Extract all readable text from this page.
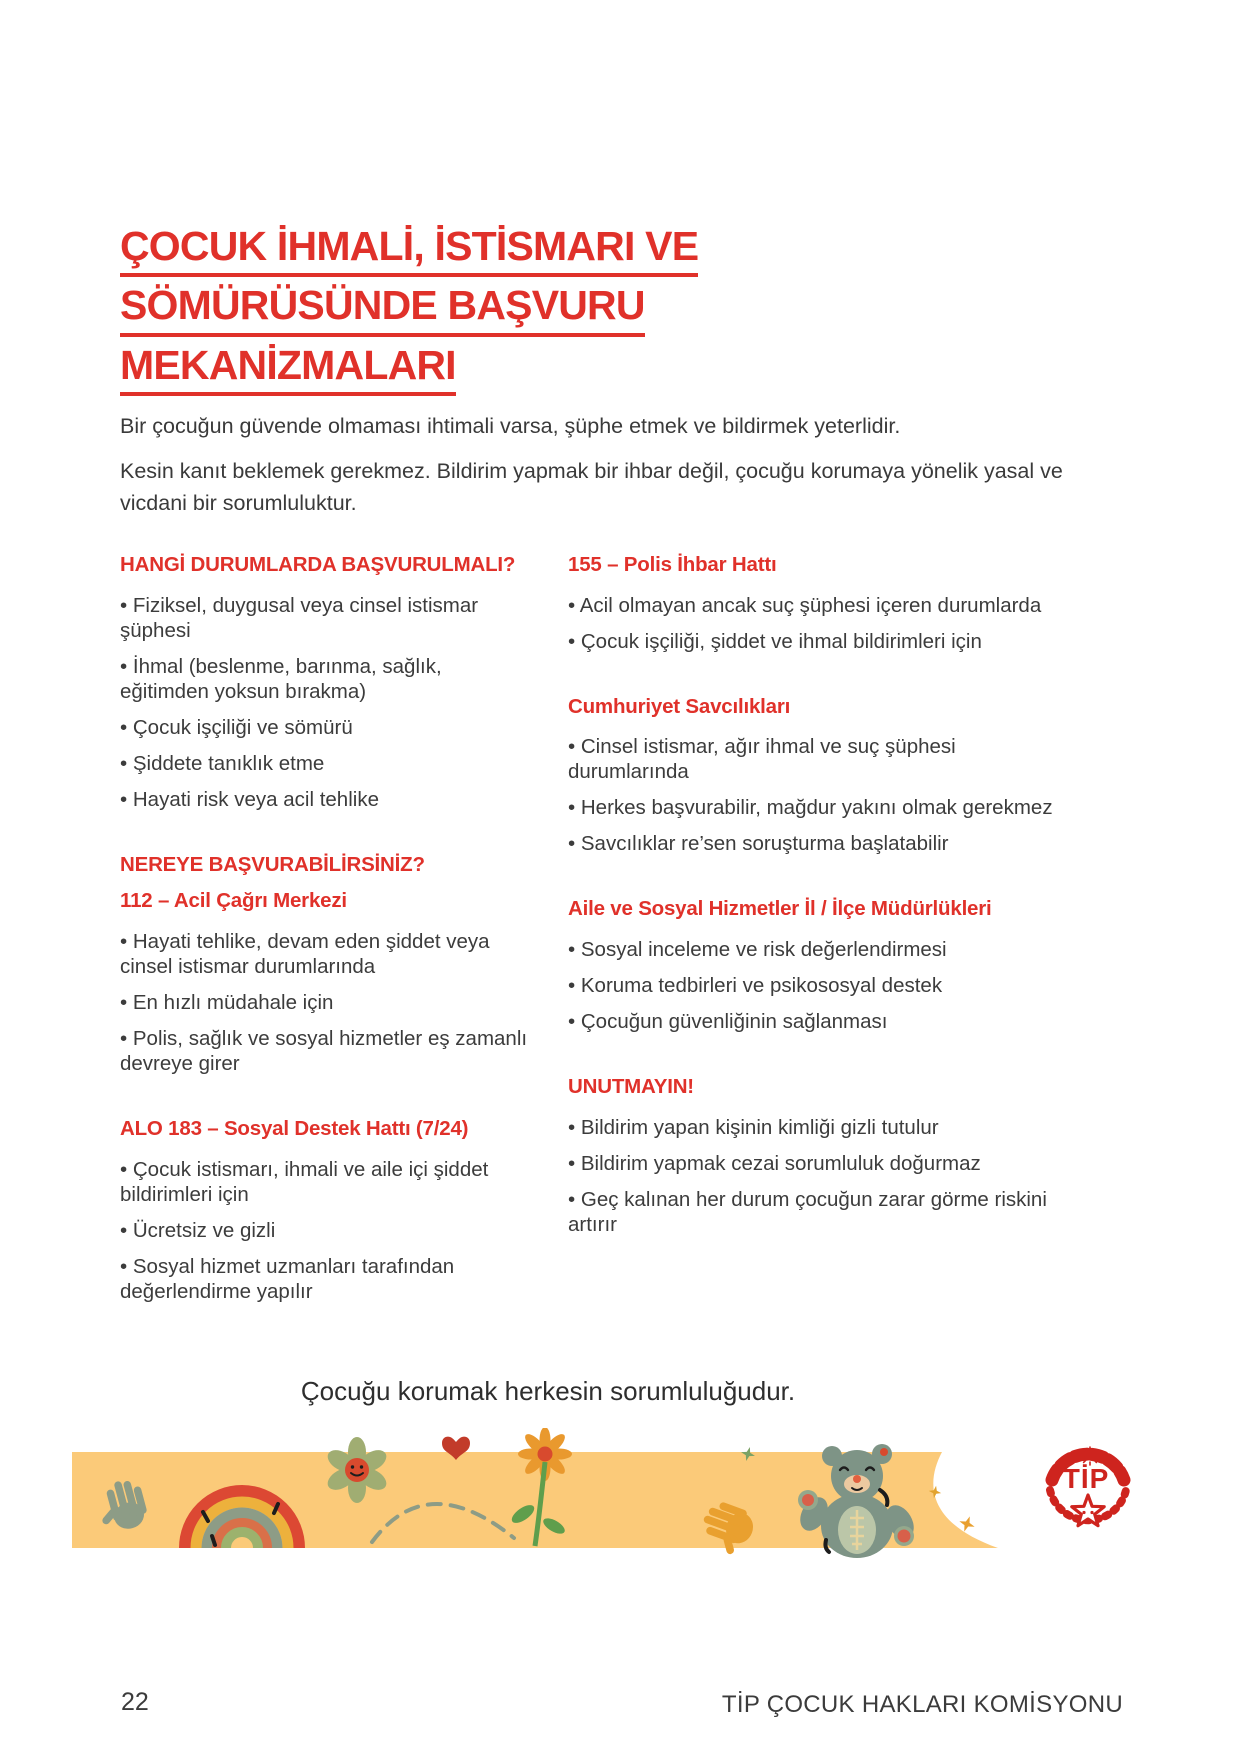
ÇOCUK İHMALİ, İSTİSMARI VE
SÖMÜRÜSÜNDE BAŞVURU
MEKANİZMALARI

Bir çocuğun güvende olmaması ihtimali varsa, şüphe etmek ve bildirmek yeterlidir.

Kesin kanıt beklemek gerekmez. Bildirim yapmak bir ihbar değil, çocuğu korumaya yönelik yasal ve vicdani bir sorumluluktur.

HANGİ DURUMLARDA BAŞVURULMALI?

• Fiziksel, duygusal veya cinsel istismar şüphesi

• İhmal (beslenme, barınma, sağlık, eğitimden yoksun bırakma)

• Çocuk işçiliği ve sömürü

• Şiddete tanıklık etme

• Hayati risk veya acil tehlike

NEREYE BAŞVURABİLİRSİNİZ?

112 – Acil Çağrı Merkezi

• Hayati tehlike, devam eden şiddet veya cinsel istismar durumlarında

• En hızlı müdahale için

• Polis, sağlık ve sosyal hizmetler eş zamanlı devreye girer

ALO 183 – Sosyal Destek Hattı (7/24)

• Çocuk istismarı, ihmali ve aile içi şiddet bildirimleri için

• Ücretsiz ve gizli

• Sosyal hizmet uzmanları tarafından değerlendirme yapılır

155 – Polis İhbar Hattı

• Acil olmayan ancak suç şüphesi içeren durumlarda

• Çocuk işçiliği, şiddet ve ihmal bildirimleri için

Cumhuriyet Savcılıkları

• Cinsel istismar, ağır ihmal ve suç şüphesi durumlarında

• Herkes başvurabilir, mağdur yakını olmak gerekmez

• Savcılıklar re’sen soruşturma başlatabilir

Aile ve Sosyal Hizmetler İl / İlçe Müdürlükleri

• Sosyal inceleme ve risk değerlendirmesi

• Koruma tedbirleri ve psikososyal destek

• Çocuğun güvenliğinin sağlanması

UNUTMAYIN!

• Bildirim yapan kişinin kimliği gizli tutulur

• Bildirim yapmak cezai sorumluluk doğurmaz

• Geç kalınan her durum çocuğun zarar görme riskini artırır

Çocuğu korumak herkesin sorumluluğudur.
TİP
22	TİP ÇOCUK HAKLARI KOMİSYONU
